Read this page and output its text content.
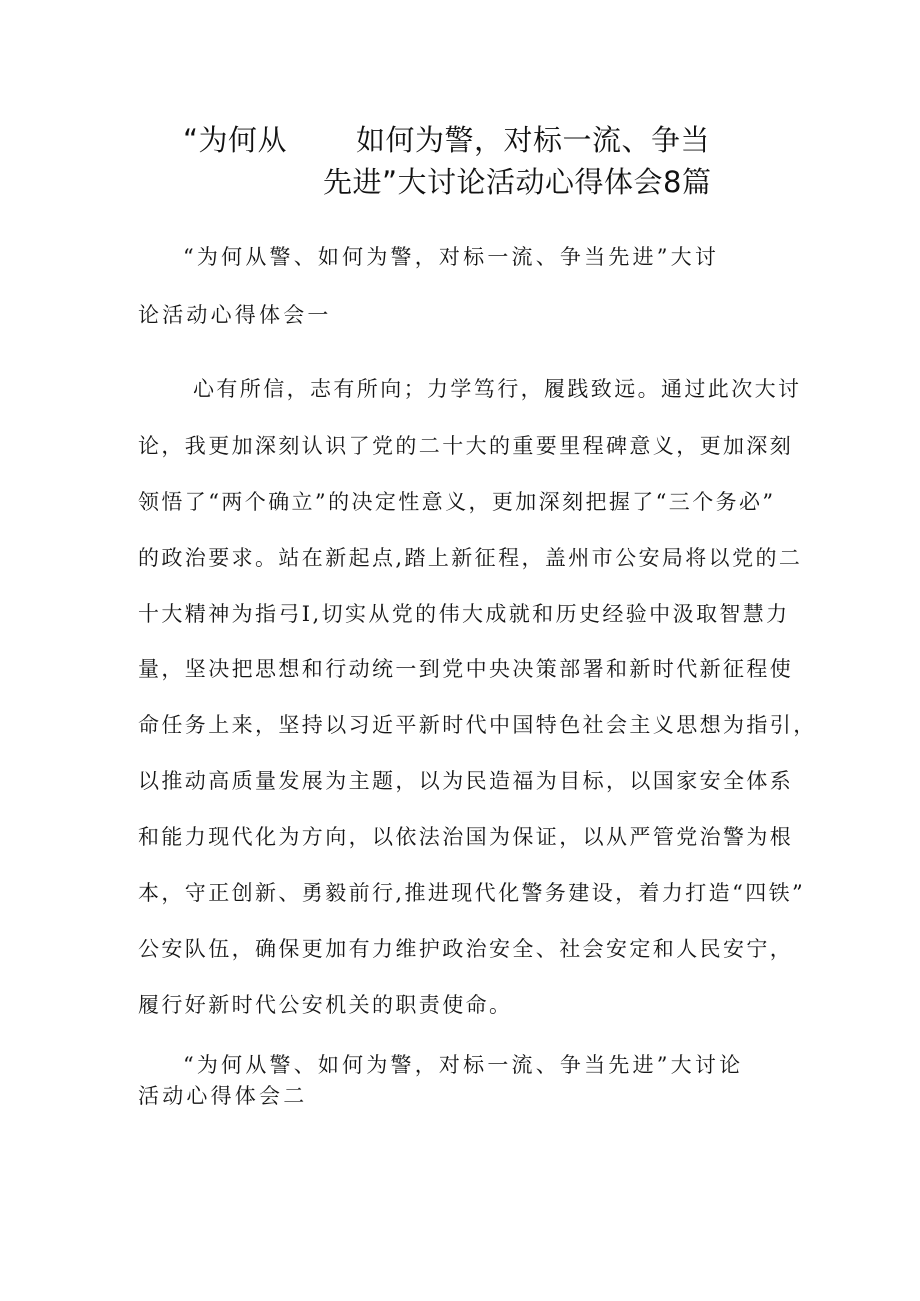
“为何从 如何为警，对标一流、争当
先进”大讨论活动心得体会8篇
“为何从警、如何为警，对标一流、争当先进”大讨
论活动心得体会一
心有所信，志有所向；力学笃行，履践致远。通过此次大讨
论，我更加深刻认识了党的二十大的重要里程碑意义，更加深刻
领悟了“两个确立”的决定性意义，更加深刻把握了“三个务必”
的政治要求。站在新起点,踏上新征程，盖州市公安局将以党的二
十大精神为指弓I,切实从党的伟大成就和历史经验中汲取智慧力
量，坚决把思想和行动统一到党中央决策部署和新时代新征程使
命任务上来，坚持以习近平新时代中国特色社会主义思想为指引，
以推动高质量发展为主题，以为民造福为目标，以国家安全体系
和能力现代化为方向，以依法治国为保证，以从严管党治警为根
本，守正创新、勇毅前行,推进现代化警务建设，着力打造“四铁”
公安队伍，确保更加有力维护政治安全、社会安定和人民安宁，
履行好新时代公安机关的职责使命。
“为何从警、如何为警，对标一流、争当先进”大讨论
活动心得体会二
